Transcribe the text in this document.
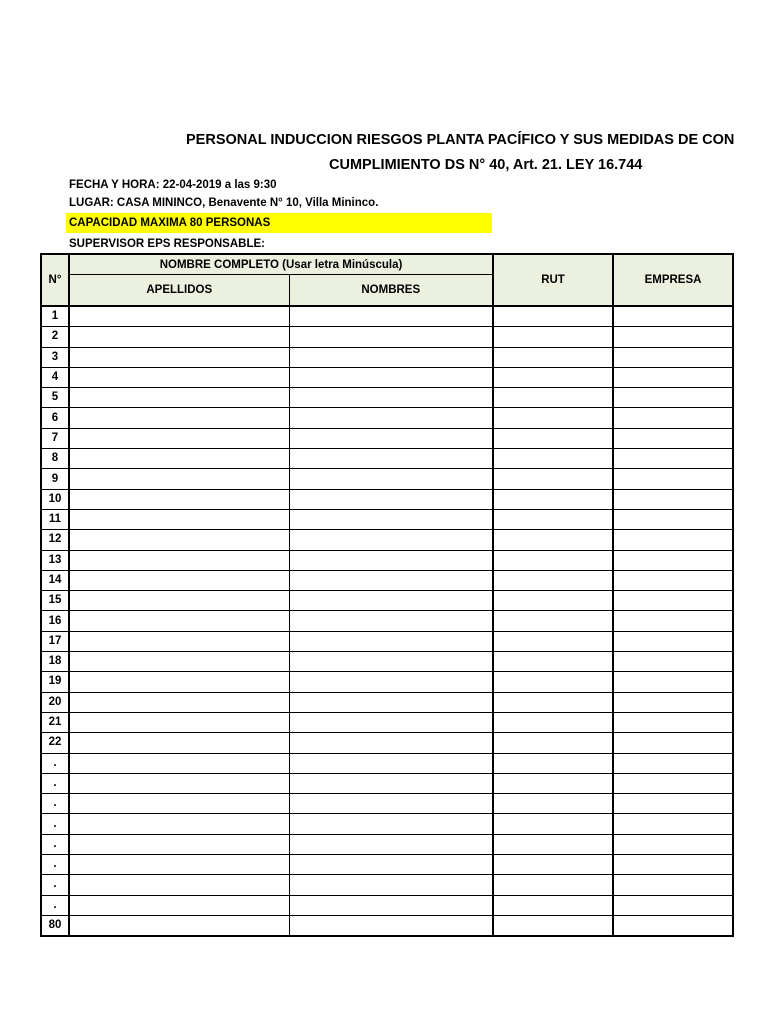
PERSONAL INDUCCION RIESGOS PLANTA PACÍFICO Y SUS MEDIDAS DE CON
CUMPLIMIENTO DS N° 40, Art. 21. LEY 16.744
FECHA Y HORA: 22-04-2019 a las 9:30
LUGAR: CASA MININCO, Benavente N° 10, Villa Mininco.
CAPACIDAD MAXIMA 80 PERSONAS
SUPERVISOR EPS RESPONSABLE:
N°	NOMBRE COMPLETO (Usar letra Minúscula)		RUT	EMPRESA
	APELLIDOS	NOMBRES		
1				
2				
3				
4				
5				
6				
7				
8				
9				
10				
11				
12				
13				
14				
15				
16				
17				
18				
19				
20				
21				
22				
.				
.				
.				
.				
.				
.				
.				
.				
80				
